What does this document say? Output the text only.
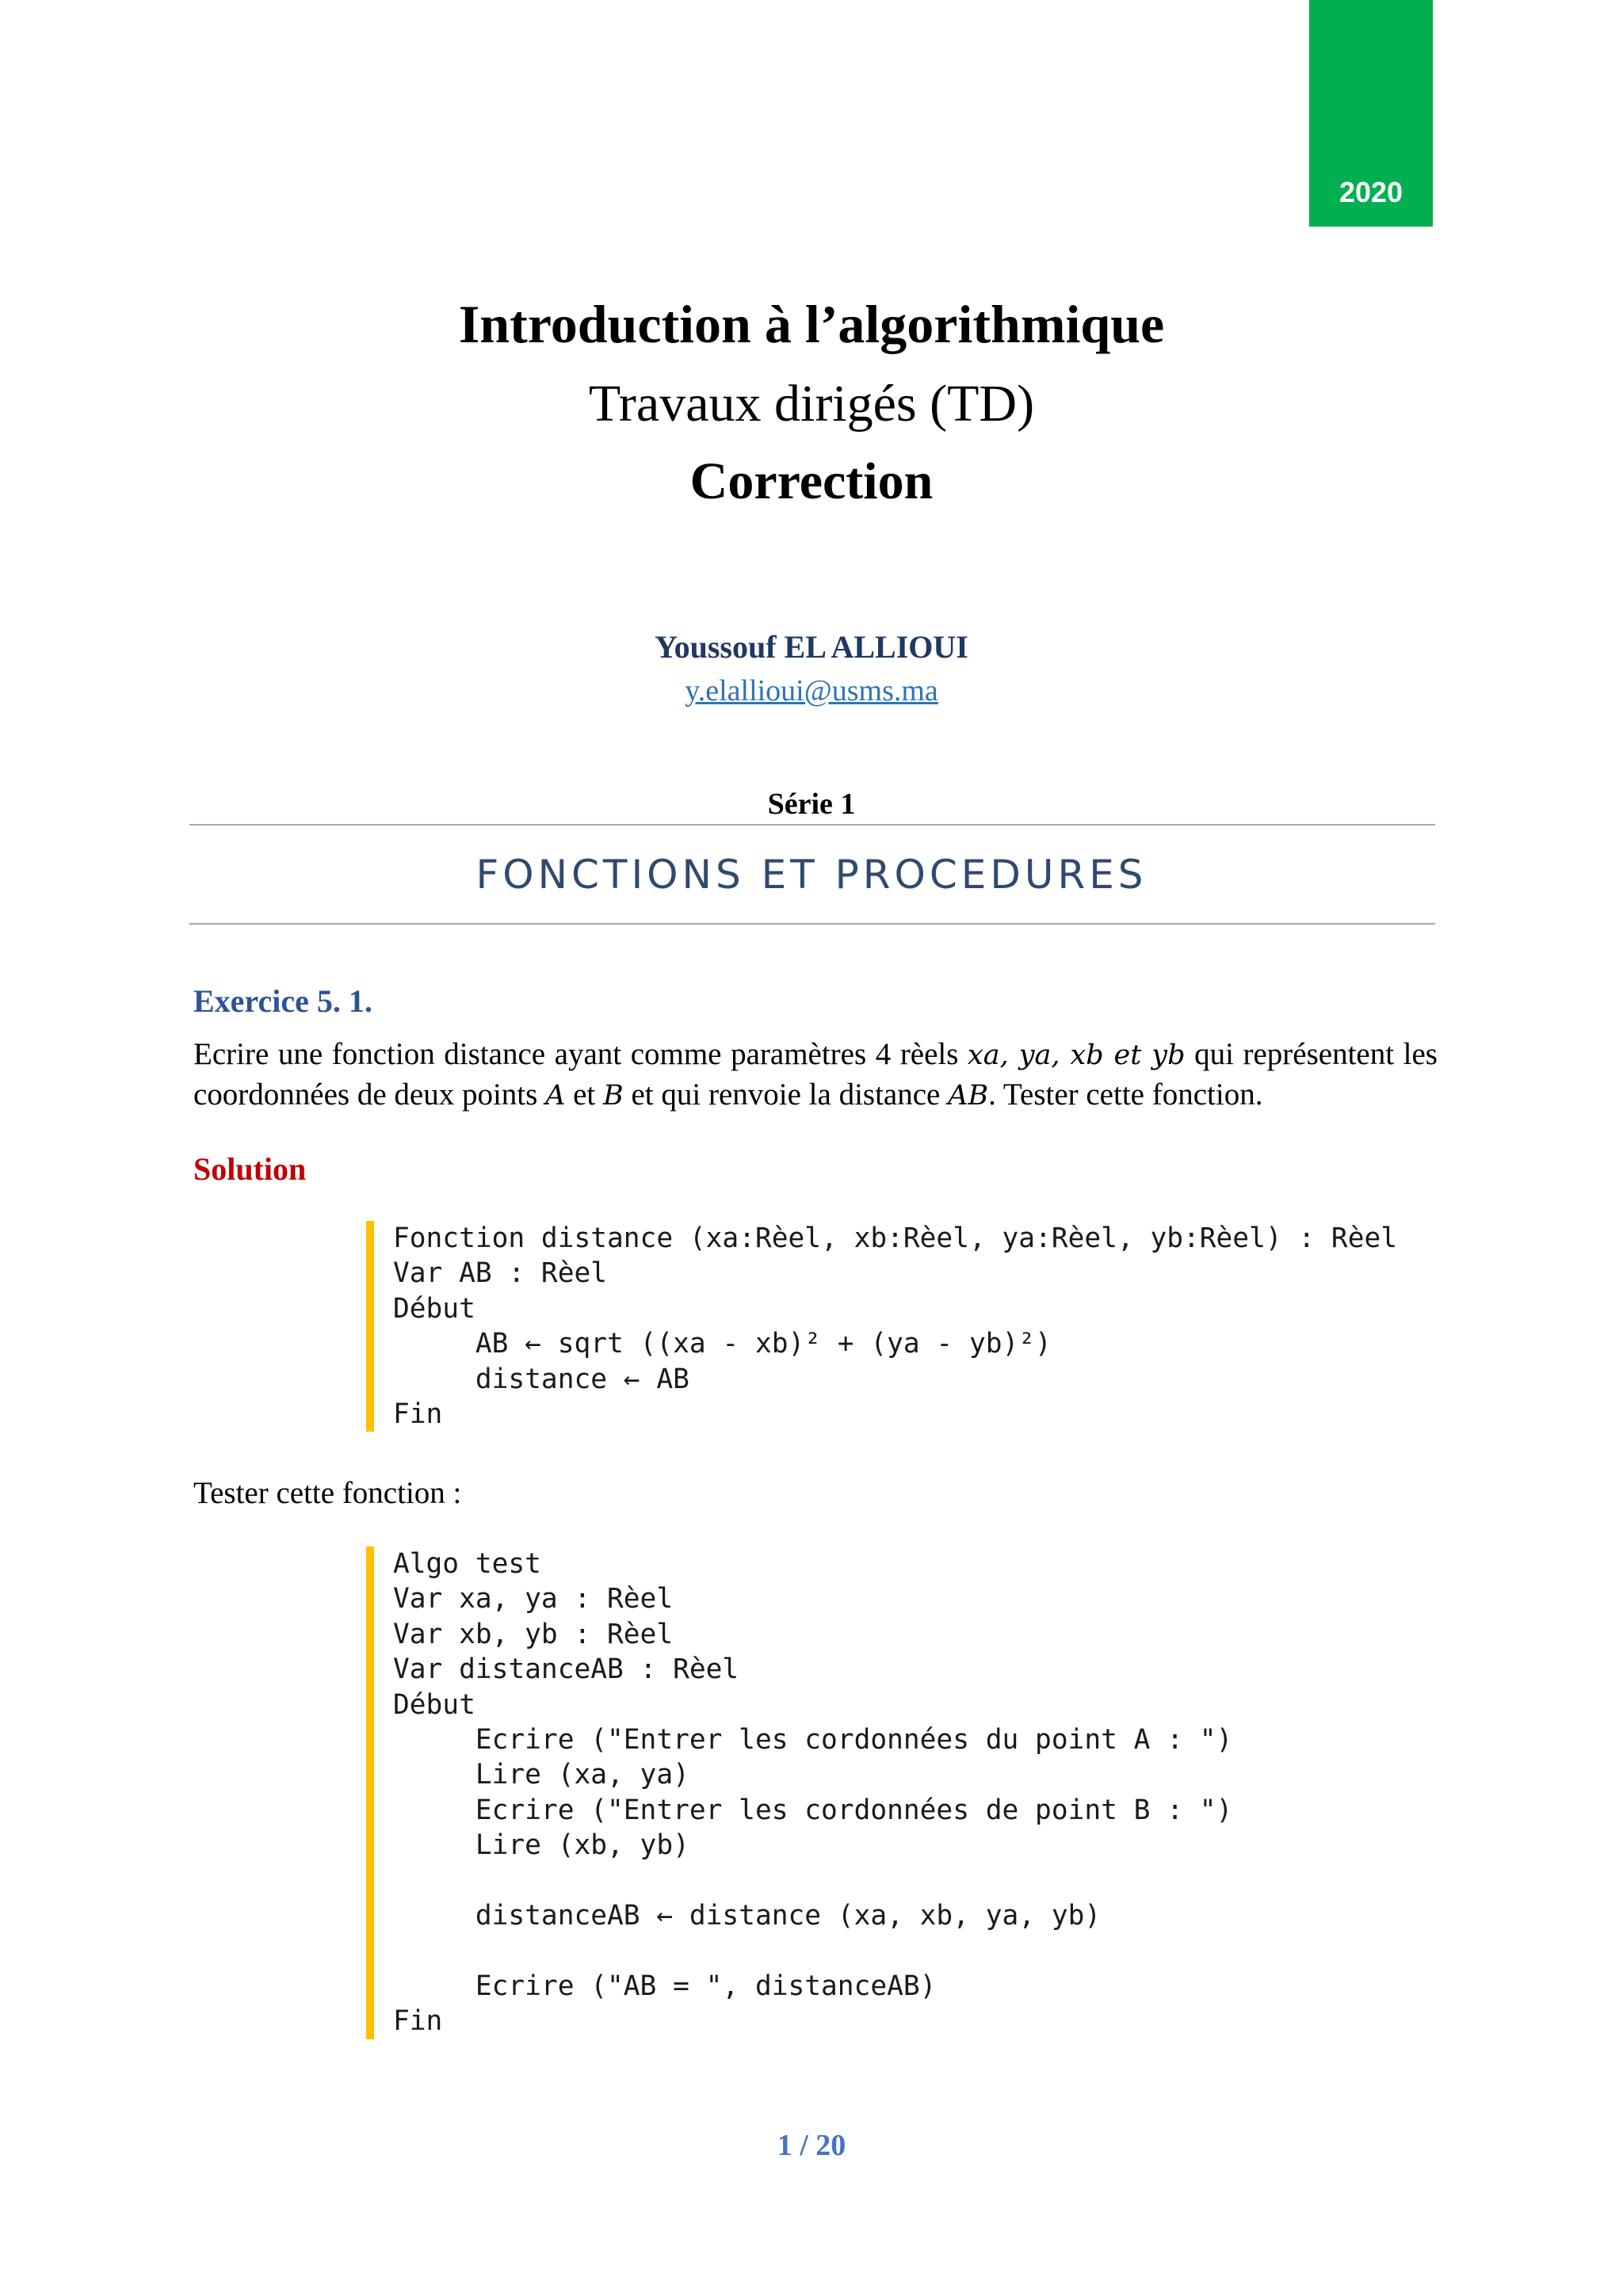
2020
Introduction à l’algorithmique
Travaux dirigés (TD)
Correction
Youssouf EL ALLIOUI
y.elallioui@usms.ma
Série 1
FONCTIONS ET PROCEDURES
Exercice 5. 1.
Ecrire une fonction distance ayant comme paramètres 4 rèels xa, ya, xb et yb qui représentent les coordonnées de deux points A et B et qui renvoie la distance AB. Tester cette fonction.
Solution
Fonction distance (xa:Rèel, xb:Rèel, ya:Rèel, yb:Rèel) : Rèel
Var AB : Rèel
Début
AB ← sqrt ((xa - xb)² + (ya - yb)²)
distance ← AB
Fin
Tester cette fonction :
Algo test
Var xa, ya : Rèel
Var xb, yb : Rèel
Var distanceAB : Rèel
Début
Ecrire ("Entrer les cordonnées du point A : ")
Lire (xa, ya)
Ecrire ("Entrer les cordonnées de point B : ")
Lire (xb, yb)

distanceAB ← distance (xa, xb, ya, yb)

Ecrire ("AB = ", distanceAB)
Fin
1 / 20
